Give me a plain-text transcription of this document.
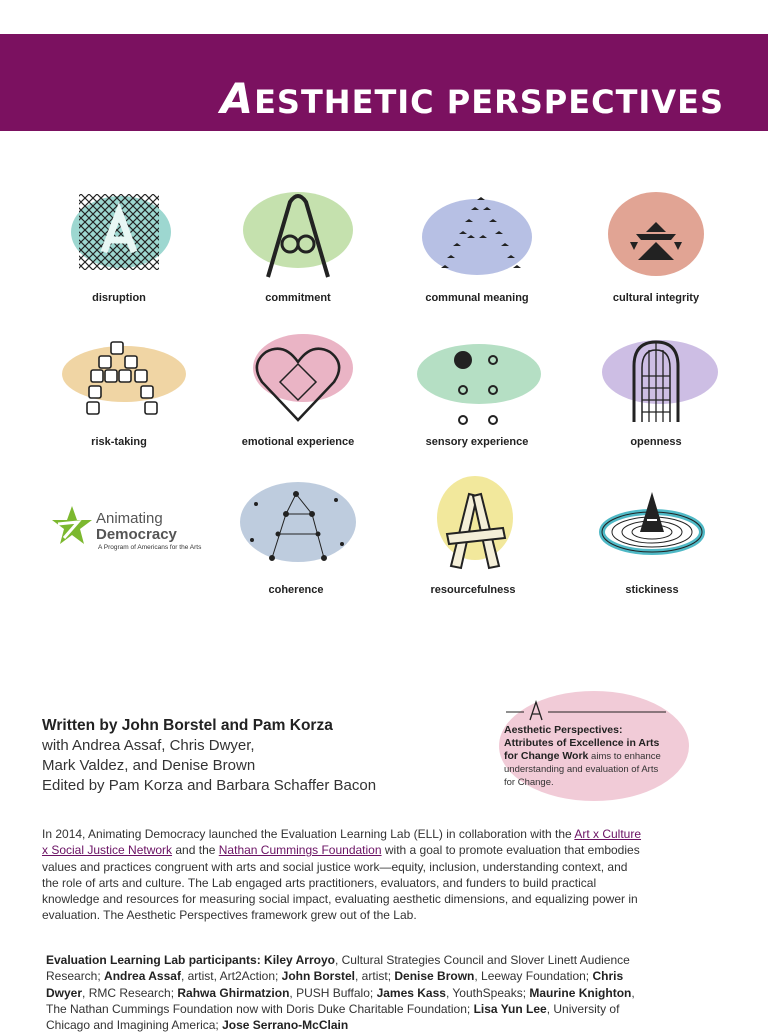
AESTHETIC PERSPECTIVES
Attributes of Excellence in Arts for Change
disruption	commitment	communal meaning	cultural integrity
risk-taking	emotional experience	sensory experience	openness
Animating
Democracy
A Program of Americans for the Arts
coherence	resourcefulness	stickiness
Written by John Borstel and Pam Korza
with Andrea Assaf, Chris Dwyer,
Mark Valdez, and Denise Brown
Edited by Pam Korza and Barbara Schaffer Bacon
Aesthetic Perspectives: Attributes of Excellence in Arts for Change Work aims to enhance understanding and evaluation of Arts for Change.
In 2014, Animating Democracy launched the Evaluation Learning Lab (ELL) in collaboration with the Art x Culture x Social Justice Network and the Nathan Cummings Foundation with a goal to promote evaluation that embodies values and practices congruent with arts and social justice work—equity, inclusion, understanding context, and the role of arts and culture. The Lab engaged arts practitioners, evaluators, and funders to build practical knowledge and resources for measuring social impact, evaluating aesthetic dimensions, and equalizing power in evaluation. The Aesthetic Perspectives framework grew out of the Lab.
Evaluation Learning Lab participants: Kiley Arroyo, Cultural Strategies Council and Slover Linett Audience Research; Andrea Assaf, artist, Art2Action; John Borstel, artist; Denise Brown, Leeway Foundation; Chris Dwyer, RMC Research; Rahwa Ghirmatzion, PUSH Buffalo; James Kass, YouthSpeaks; Maurine Knighton, The Nathan Cummings Foundation now with Doris Duke Charitable Foundation; Lisa Yun Lee, University of Chicago and Imagining America; Jose Serrano-McClain
